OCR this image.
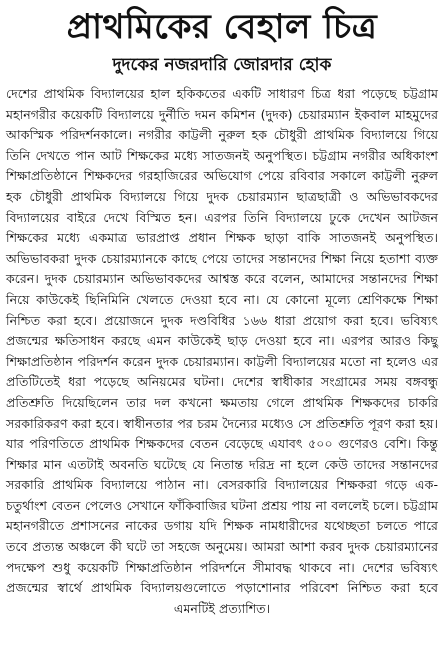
প্রাথমিকের বেহাল চিত্র
দুদকের নজরদারি জোরদার হোক

দেশের প্রাথমিক বিদ্যালয়ের হাল হকিকতের একটি সাধারণ চিত্র ধরা পড়েছে চট্টগ্রাম মহানগরীর কয়েকটি বিদ্যালয়ে দুর্নীতি দমন কমিশন (দুদক) চেয়ারম্যান ইকবাল মাহমুদের আকস্মিক পরিদর্শনকালে। নগরীর কাট্টলী নুরুল হক চৌধুরী প্রাথমিক বিদ্যালয়ে গিয়ে তিনি দেখতে পান আট শিক্ষকের মধ্যে সাতজনই অনুপস্থিত। চট্টগ্রাম নগরীর অধিকাংশ শিক্ষাপ্রতিষ্ঠানে শিক্ষকদের গরহাজিরের অভিযোগ পেয়ে রবিবার সকালে কাট্টলী নুরুল হক চৌধুরী প্রাথমিক বিদ্যালয়ে গিয়ে দুদক চেয়ারম্যান ছাত্রছাত্রী ও অভিভাবকদের বিদ্যালয়ের বাইরে দেখে বিস্মিত হন। এরপর তিনি বিদ্যালয়ে ঢুকে দেখেন আটজন শিক্ষকের মধ্যে একমাত্র ভারপ্রাপ্ত প্রধান শিক্ষক ছাড়া বাকি সাতজনই অনুপস্থিত। অভিভাবকরা দুদক চেয়ারম্যানকে কাছে পেয়ে তাদের সন্তানদের শিক্ষা নিয়ে হতাশা ব্যক্ত করেন। দুদক চেয়ারম্যান অভিভাবকদের আশ্বস্ত করে বলেন, আমাদের সন্তানদের শিক্ষা নিয়ে কাউকেই ছিনিমিনি খেলতে দেওয়া হবে না। যে কোনো মূল্যে শ্রেণিকক্ষে শিক্ষা নিশ্চিত করা হবে। প্রয়োজনে দুদক দণ্ডবিধির ১৬৬ ধারা প্রয়োগ করা হবে। ভবিষ্যৎ প্রজন্মের ক্ষতিসাধন করছে এমন কাউকেই ছাড় দেওয়া হবে না। এরপর আরও কিছু শিক্ষাপ্রতিষ্ঠান পরিদর্শন করেন দুদক চেয়ারম্যান। কাট্টলী বিদ্যালয়ের মতো না হলেও এর প্রতিটিতেই ধরা পড়েছে অনিয়মের ঘটনা। দেশের স্বাধীকার সংগ্রামের সময় বঙ্গবন্ধু প্রতিশ্রুতি দিয়েছিলেন তার দল কখনো ক্ষমতায় গেলে প্রাথমিক শিক্ষকদের চাকরি সরকারিকরণ করা হবে। স্বাধীনতার পর চরম দৈন্যের মধ্যেও সে প্রতিশ্রুতি পূরণ করা হয়। যার পরিণতিতে প্রাথমিক শিক্ষকদের বেতন বেড়েছে এযাবৎ ৫০০ গুণেরও বেশি। কিন্তু শিক্ষার মান এতটাই অবনতি ঘটেছে যে নিতান্ত দরিদ্র না হলে কেউ তাদের সন্তানদের সরকারি প্রাথমিক বিদ্যালয়ে পাঠান না। বেসরকারি বিদ্যালয়ের শিক্ষকরা গড়ে এক-চতুর্থাংশ বেতন পেলেও সেখানে ফাঁকিবাজির ঘটনা প্রশ্রয় পায় না বললেই চলে। চট্টগ্রাম মহানগরীতে প্রশাসনের নাকের ডগায় যদি শিক্ষক নামধারীদের যথেচ্ছতা চলতে পারে তবে প্রত্যন্ত অঞ্চলে কী ঘটে তা সহজে অনুমেয়। আমরা আশা করব দুদক চেয়ারম্যানের পদক্ষেপ শুধু কয়েকটি শিক্ষাপ্রতিষ্ঠান পরিদর্শনে সীমাবদ্ধ থাকবে না। দেশের ভবিষ্যৎ প্রজন্মের স্বার্থে প্রাথমিক বিদ্যালয়গুলোতে পড়াশোনার পরিবেশ নিশ্চিত করা হবে এমনটিই প্রত্যাশিত।
